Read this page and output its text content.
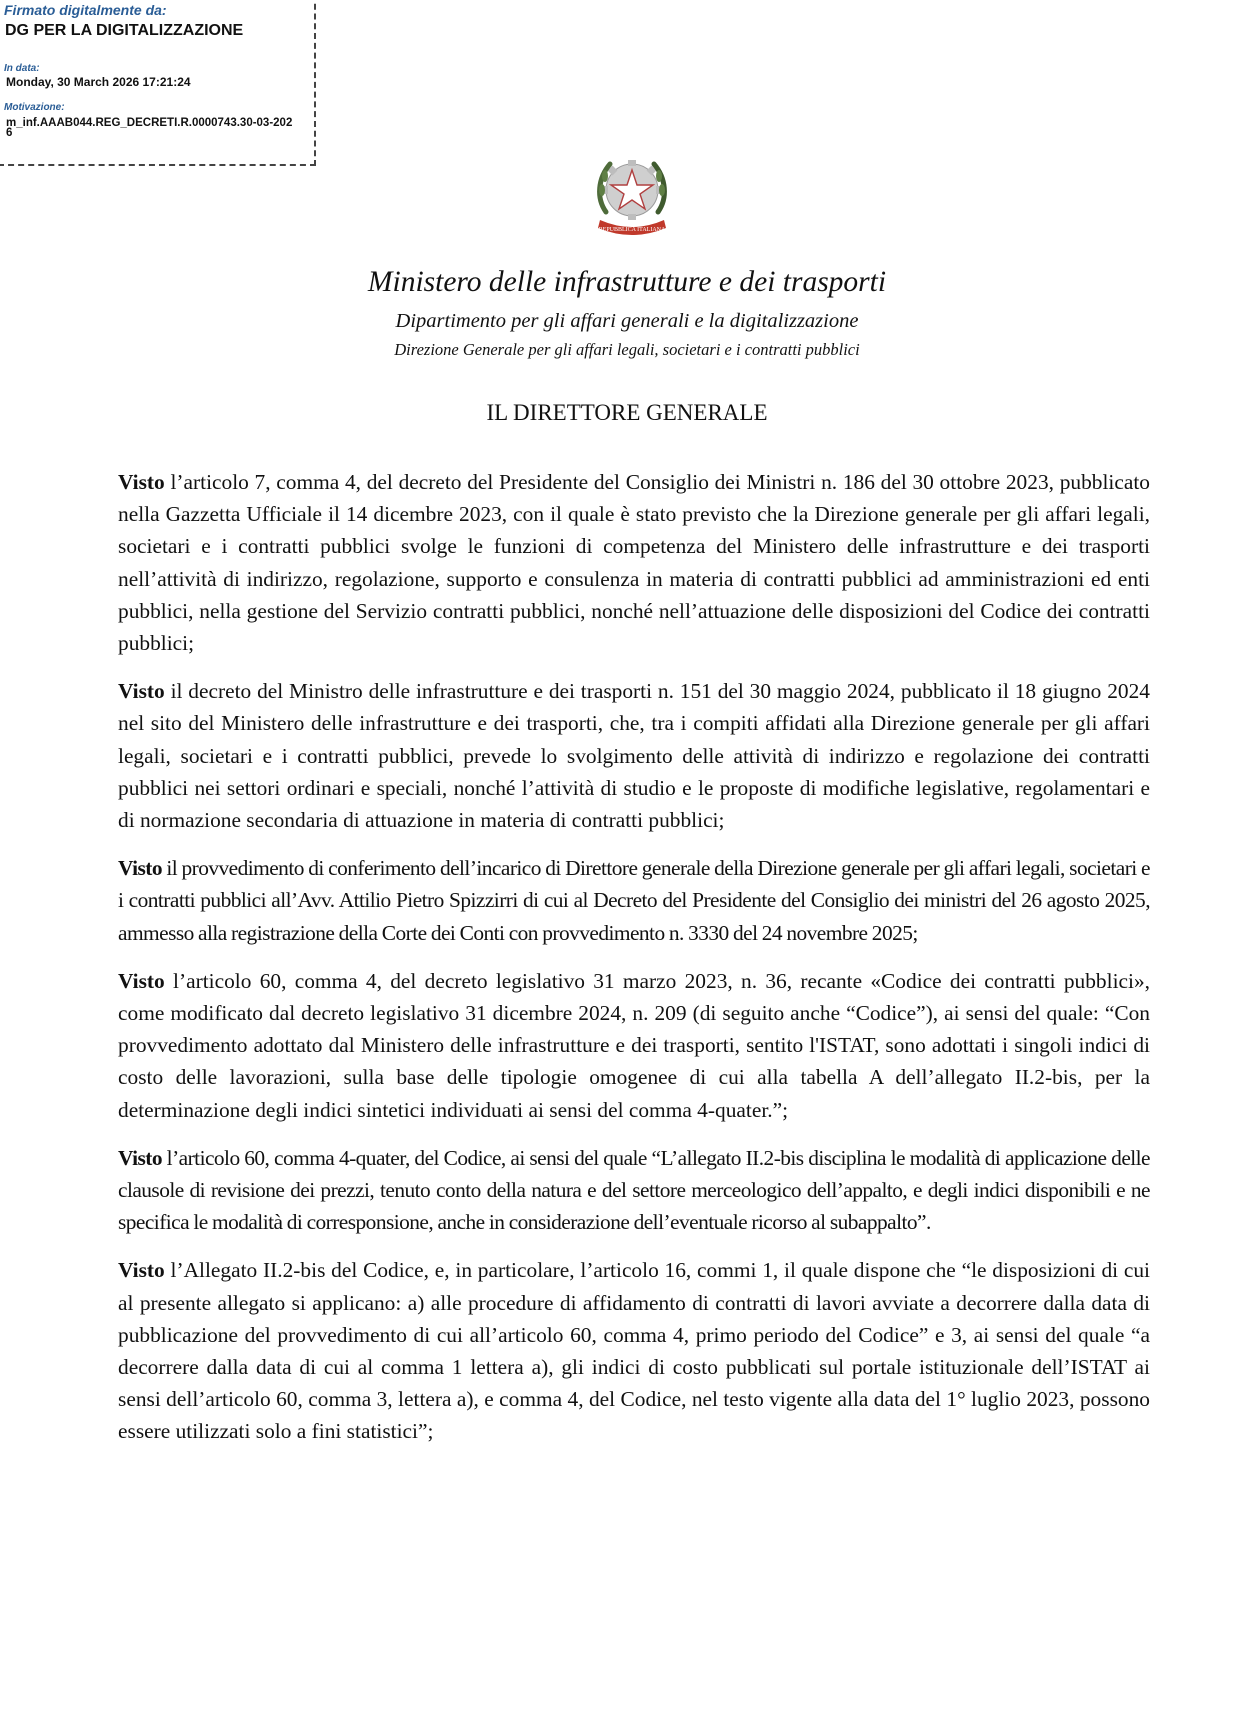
Firmato digitalmente da:
DG PER LA DIGITALIZZAZIONE
In data:
Monday, 30 March 2026 17:21:24
Motivazione:
m_inf.AAAB044.REG_DECRETI.R.0000743.30-03-2026
REPUBBLICA ITALIANA
Ministero delle infrastrutture e dei trasporti
Dipartimento per gli affari generali e la digitalizzazione
Direzione Generale per gli affari legali, societari e i contratti pubblici
IL DIRETTORE GENERALE

Visto l’articolo 7, comma 4, del decreto del Presidente del Consiglio dei Ministri n. 186 del 30 ottobre 2023, pubblicato nella Gazzetta Ufficiale il 14 dicembre 2023, con il quale è stato previsto che la Direzione generale per gli affari legali, societari e i contratti pubblici svolge le funzioni di competenza del Ministero delle infrastrutture e dei trasporti nell’attività di indirizzo, regolazione, supporto e consulenza in materia di contratti pubblici ad amministrazioni ed enti pubblici, nella gestione del Servizio contratti pubblici, nonché nell’attuazione delle disposizioni del Codice dei contratti pubblici;

Visto il decreto del Ministro delle infrastrutture e dei trasporti n. 151 del 30 maggio 2024, pubblicato il 18 giugno 2024 nel sito del Ministero delle infrastrutture e dei trasporti, che, tra i compiti affidati alla Direzione generale per gli affari legali, societari e i contratti pubblici, prevede lo svolgimento delle attività di indirizzo e regolazione dei contratti pubblici nei settori ordinari e speciali, nonché l’attività di studio e le proposte di modifiche legislative, regolamentari e di normazione secondaria di attuazione in materia di contratti pubblici;

Visto il provvedimento di conferimento dell’incarico di Direttore generale della Direzione generale per gli affari legali, societari e i contratti pubblici all’Avv. Attilio Pietro Spizzirri di cui al Decreto del Presidente del Consiglio dei ministri del 26 agosto 2025, ammesso alla registrazione della Corte dei Conti con provvedimento n. 3330 del 24 novembre 2025;

Visto l’articolo 60, comma 4, del decreto legislativo 31 marzo 2023, n. 36, recante «Codice dei contratti pubblici», come modificato dal decreto legislativo 31 dicembre 2024, n. 209 (di seguito anche “Codice”), ai sensi del quale: “Con provvedimento adottato dal Ministero delle infrastrutture e dei trasporti, sentito l'ISTAT, sono adottati i singoli indici di costo delle lavorazioni, sulla base delle tipologie omogenee di cui alla tabella A dell’allegato II.2-bis, per la determinazione degli indici sintetici individuati ai sensi del comma 4-quater.”;

Visto l’articolo 60, comma 4-quater, del Codice, ai sensi del quale “L’allegato II.2-bis disciplina le modalità di applicazione delle clausole di revisione dei prezzi, tenuto conto della natura e del settore merceologico dell’appalto, e degli indici disponibili e ne specifica le modalità di corresponsione, anche in considerazione dell’eventuale ricorso al subappalto”.

Visto l’Allegato II.2-bis del Codice, e, in particolare, l’articolo 16, commi 1, il quale dispone che “le disposizioni di cui al presente allegato si applicano: a) alle procedure di affidamento di contratti di lavori avviate a decorrere dalla data di pubblicazione del provvedimento di cui all’articolo 60, comma 4, primo periodo del Codice” e 3, ai sensi del quale “a decorrere dalla data di cui al comma 1 lettera a), gli indici di costo pubblicati sul portale istituzionale dell’ISTAT ai sensi dell’articolo 60, comma 3, lettera a), e comma 4, del Codice, nel testo vigente alla data del 1° luglio 2023, possono essere utilizzati solo a fini statistici”;
